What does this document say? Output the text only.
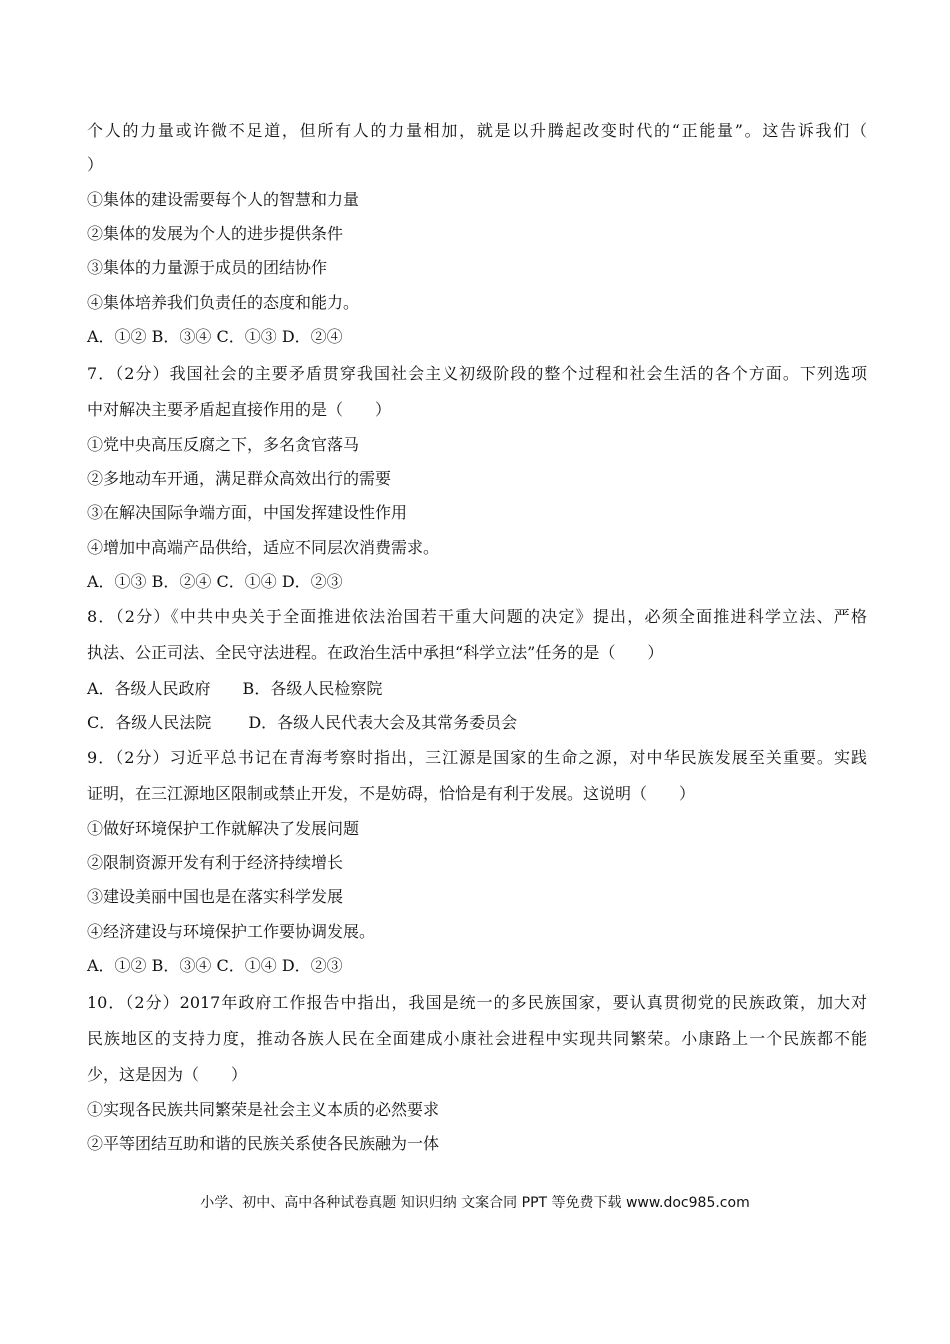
个人的力量或许微不足道，但所有人的力量相加，就是以升腾起改变时代的“正能量”。这告诉我们（
）
①集体的建设需要每个人的智慧和力量
②集体的发展为个人的进步提供条件
③集体的力量源于成员的团结协作
④集体培养我们负责任的态度和能力。
A．①② B．③④ C．①③ D．②④
7．（2分）我国社会的主要矛盾贯穿我国社会主义初级阶段的整个过程和社会生活的各个方面。下列选项
中对解决主要矛盾起直接作用的是（　　）
①党中央高压反腐之下，多名贪官落马
②多地动车开通，满足群众高效出行的需要
③在解决国际争端方面，中国发挥建设性作用
④增加中高端产品供给，适应不同层次消费需求。
A．①③ B．②④ C．①④ D．②③
8．（2分）《中共中央关于全面推进依法治国若干重大问题的决定》提出，必须全面推进科学立法、严格
执法、公正司法、全民守法进程。在政治生活中承担“科学立法”任务的是（　　）
A．各级人民政府　　B．各级人民检察院
C．各级人民法院　　 D．各级人民代表大会及其常务委员会
9．（2分）习近平总书记在青海考察时指出，三江源是国家的生命之源，对中华民族发展至关重要。实践
证明，在三江源地区限制或禁止开发，不是妨碍，恰恰是有利于发展。这说明（　　）
①做好环境保护工作就解决了发展问题
②限制资源开发有利于经济持续增长
③建设美丽中国也是在落实科学发展
④经济建设与环境保护工作要协调发展。
A．①② B．③④ C．①④ D．②③
10．（2分）2017年政府工作报告中指出，我国是统一的多民族国家，要认真贯彻党的民族政策，加大对
民族地区的支持力度，推动各族人民在全面建成小康社会进程中实现共同繁荣。小康路上一个民族都不能
少，这是因为（　　）
①实现各民族共同繁荣是社会主义本质的必然要求
②平等团结互助和谐的民族关系使各民族融为一体
小学、初中、高中各种试卷真题 知识归纳 文案合同 PPT 等免费下载 www.doc985.com
